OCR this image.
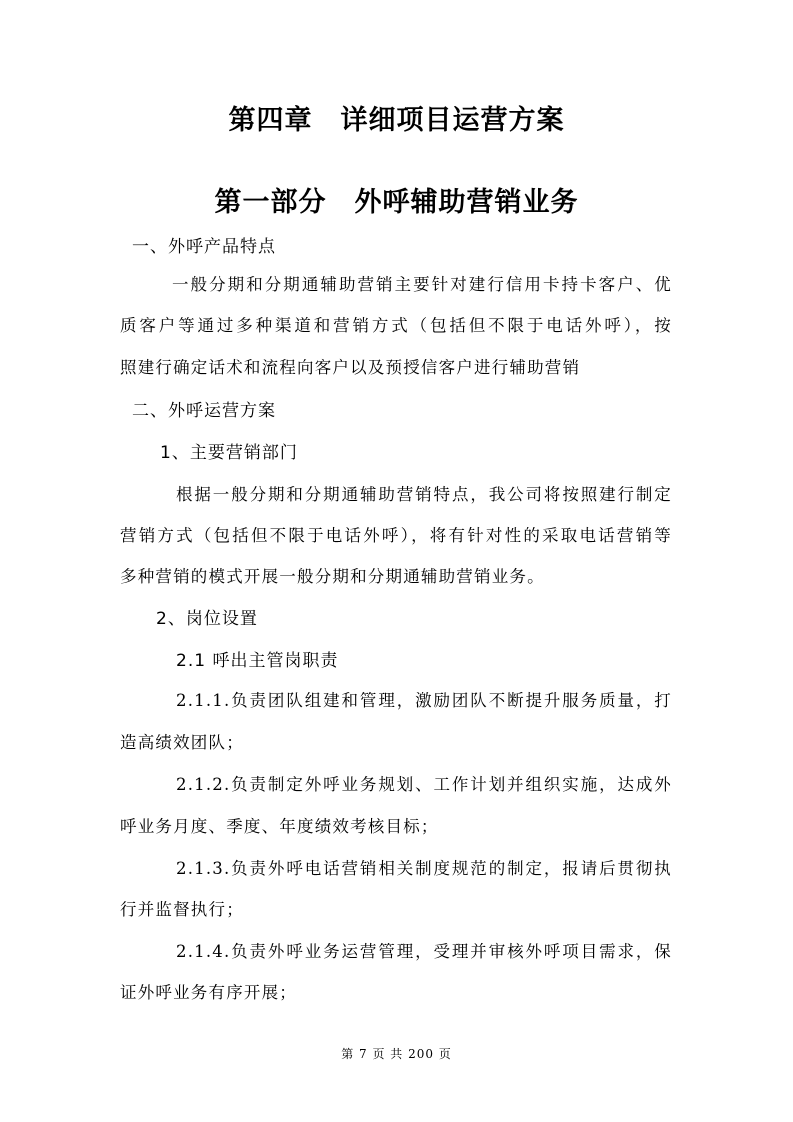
第四章　详细项目运营方案
第一部分　外呼辅助营销业务
一、外呼产品特点
一般分期和分期通辅助营销主要针对建行信用卡持卡客户、优
质客户等通过多种渠道和营销方式（包括但不限于电话外呼），按
照建行确定话术和流程向客户以及预授信客户进行辅助营销
二、外呼运营方案
1、主要营销部门
根据一般分期和分期通辅助营销特点，我公司将按照建行制定
营销方式（包括但不限于电话外呼），将有针对性的采取电话营销等
多种营销的模式开展一般分期和分期通辅助营销业务。
2、岗位设置
2.1 呼出主管岗职责
2.1.1.负责团队组建和管理，激励团队不断提升服务质量，打
造高绩效团队；
2.1.2.负责制定外呼业务规划、工作计划并组织实施，达成外
呼业务月度、季度、年度绩效考核目标；
2.1.3.负责外呼电话营销相关制度规范的制定，报请后贯彻执
行并监督执行；
2.1.4.负责外呼业务运营管理，受理并审核外呼项目需求，保
证外呼业务有序开展；
第 7 页 共 200 页
